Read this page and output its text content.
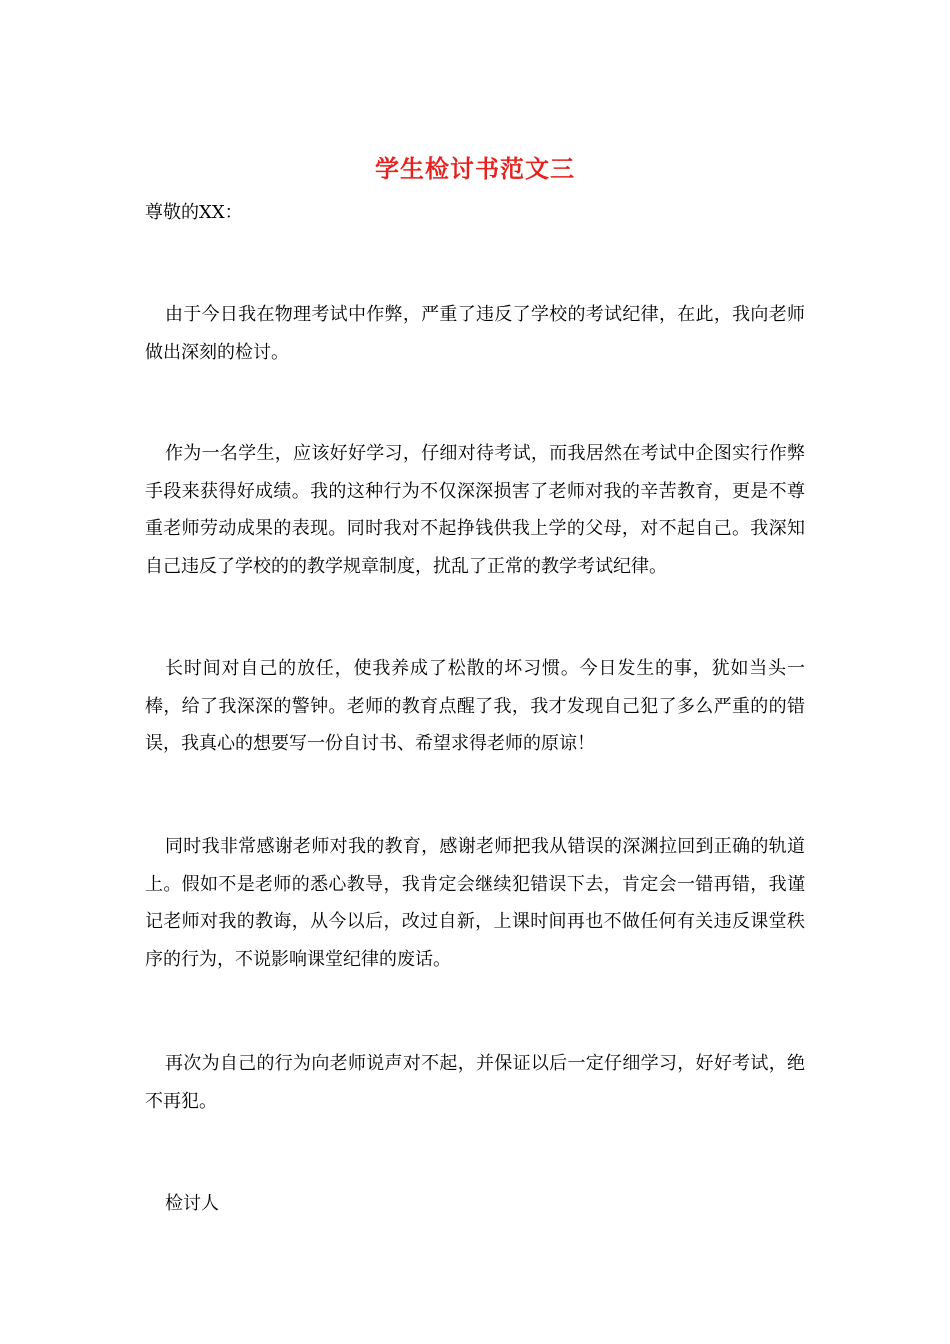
学生检讨书范文三
尊敬的XX：

由于今日我在物理考试中作弊，严重了违反了学校的考试纪律，在此，我向老师做出深刻的检讨。

作为一名学生，应该好好学习，仔细对待考试，而我居然在考试中企图实行作弊手段来获得好成绩。我的这种行为不仅深深损害了老师对我的辛苦教育，更是不尊重老师劳动成果的表现。同时我对不起挣钱供我上学的父母，对不起自己。我深知自己违反了学校的的教学规章制度，扰乱了正常的教学考试纪律。

长时间对自己的放任，使我养成了松散的坏习惯。今日发生的事，犹如当头一棒，给了我深深的警钟。老师的教育点醒了我，我才发现自己犯了多么严重的的错误，我真心的想要写一份自讨书、希望求得老师的原谅！

同时我非常感谢老师对我的教育，感谢老师把我从错误的深渊拉回到正确的轨道上。假如不是老师的悉心教导，我肯定会继续犯错误下去，肯定会一错再错，我谨记老师对我的教诲，从今以后，改过自新，上课时间再也不做任何有关违反课堂秩序的行为，不说影响课堂纪律的废话。

再次为自己的行为向老师说声对不起，并保证以后一定仔细学习，好好考试，绝不再犯。

检讨人
